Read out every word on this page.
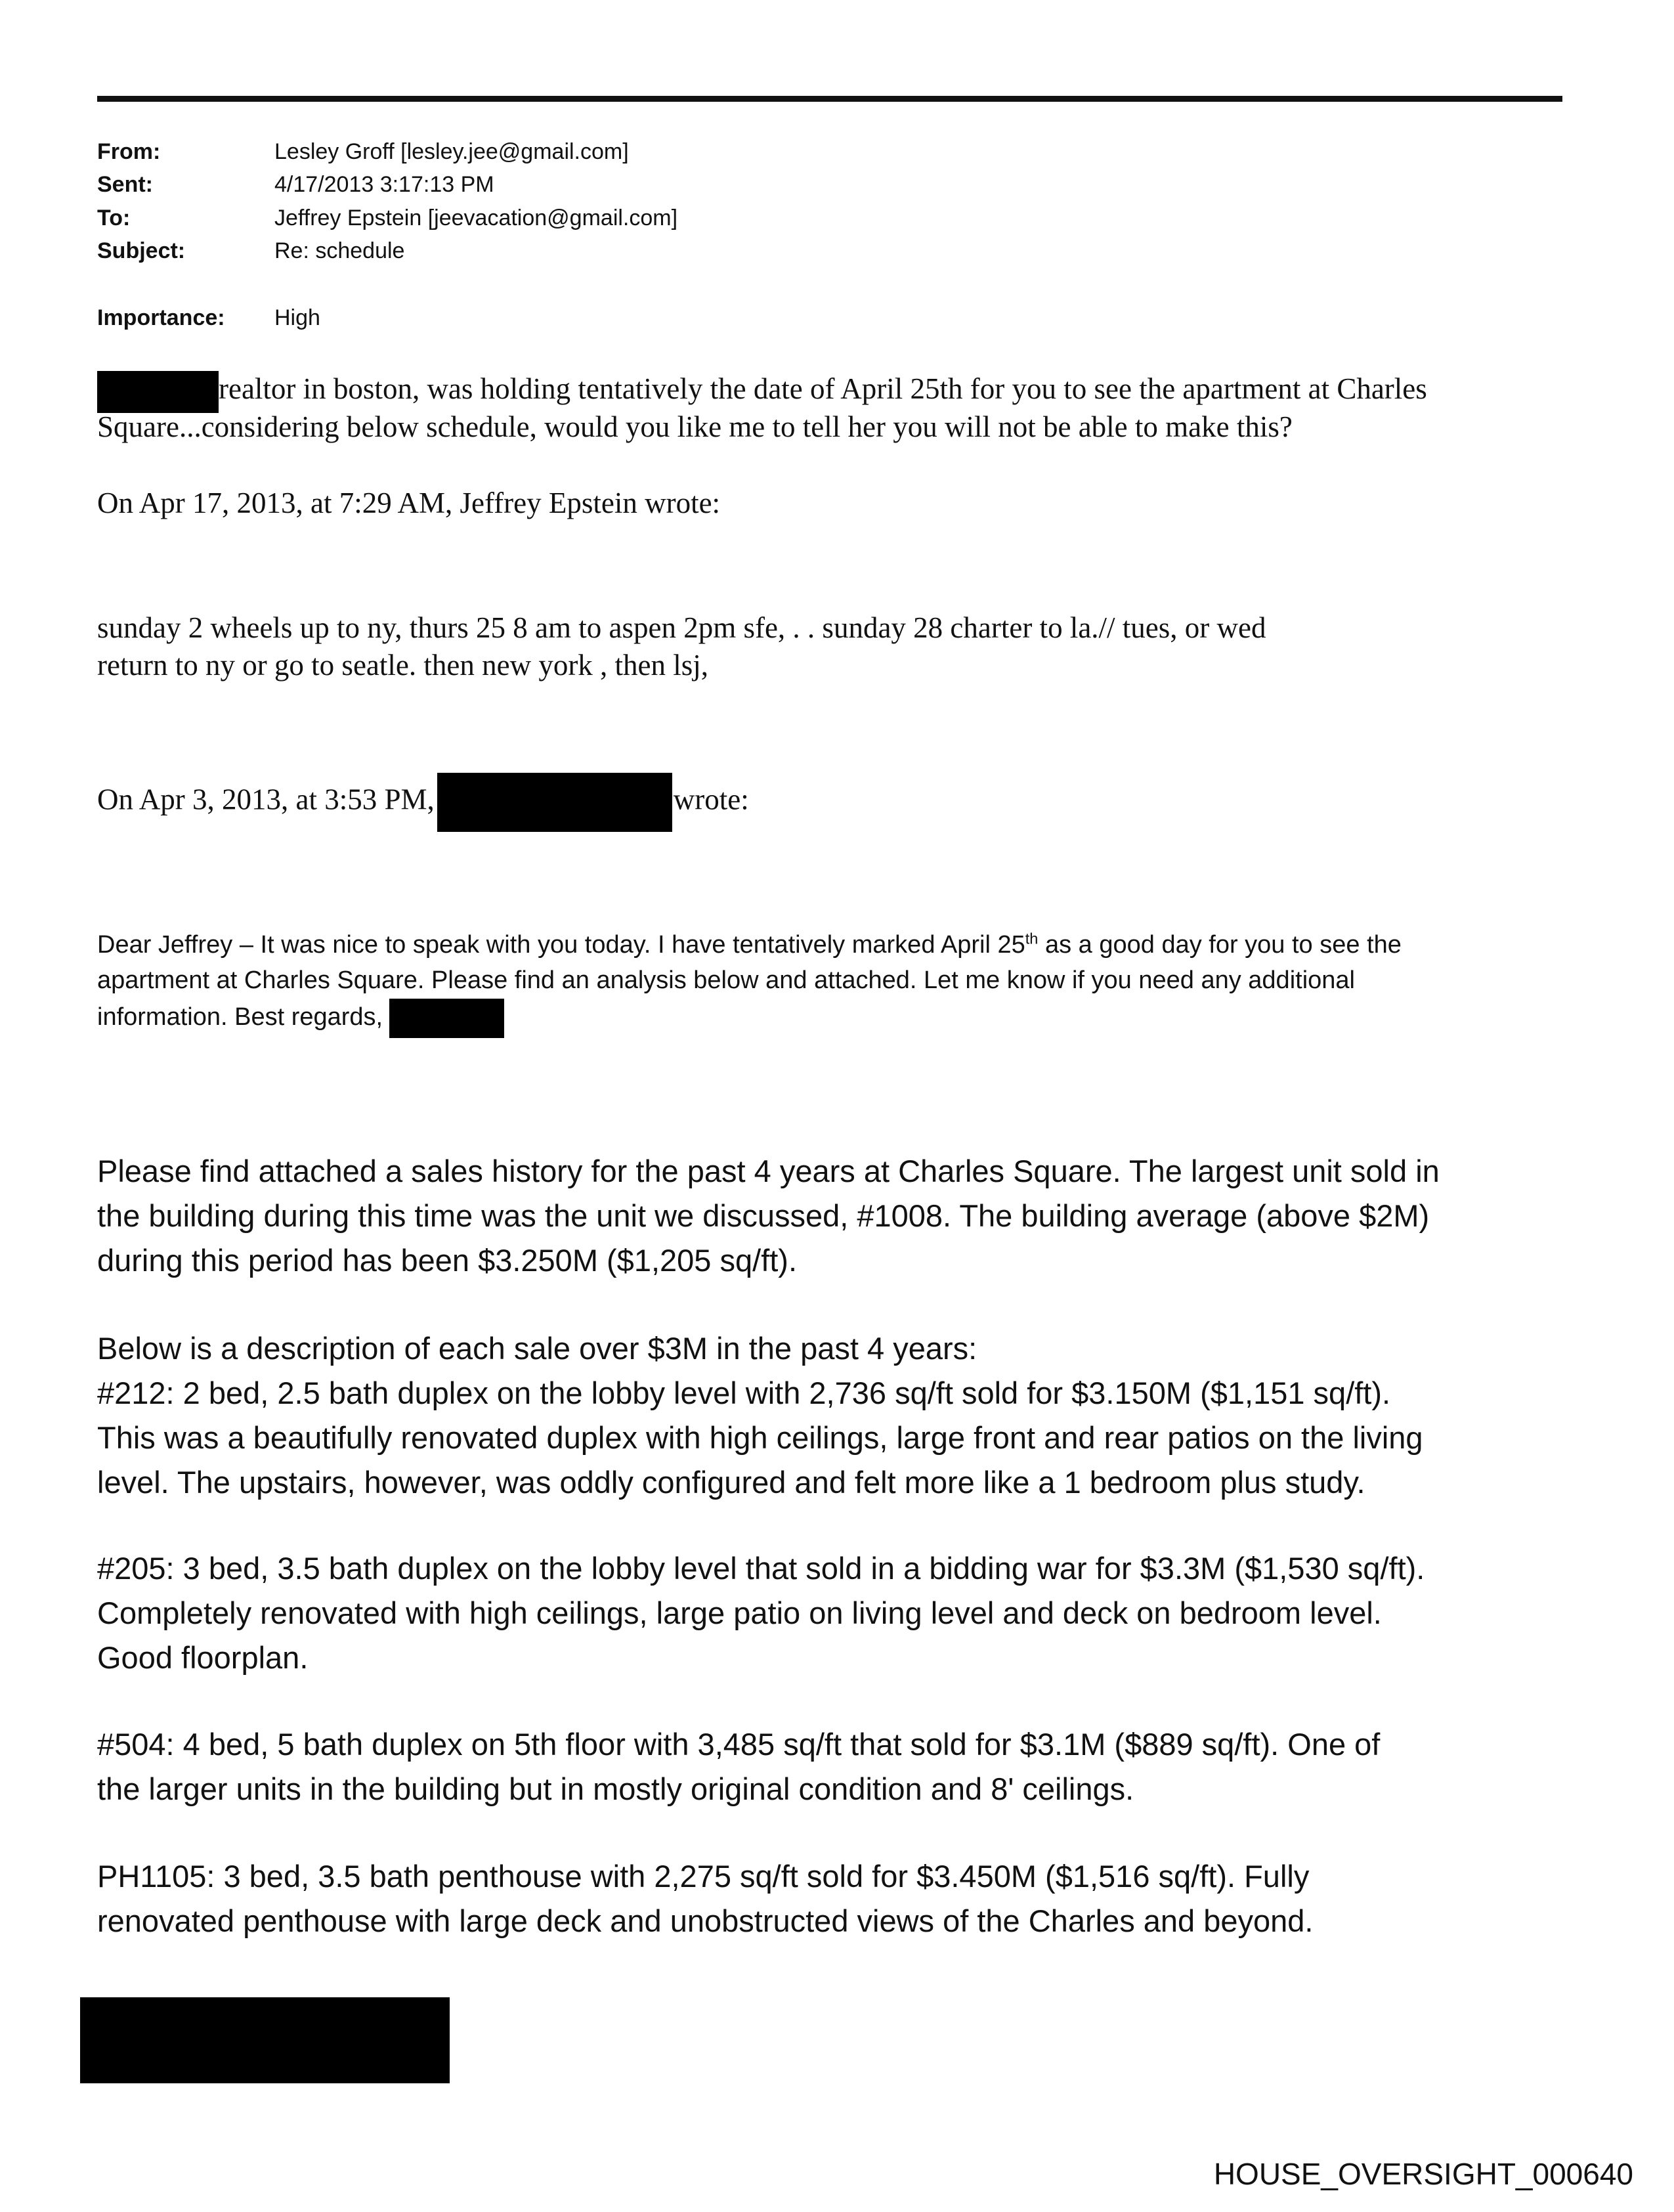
From:	Lesley Groff [lesley.jee@gmail.com]
Sent:	4/17/2013 3:17:13 PM
To:	Jeffrey Epstein [jeevacation@gmail.com]
Subject:	Re: schedule
Importance: High
realtor in boston, was holding tentatively the date of April 25th for you to see the apartment at Charles
Square...considering below schedule, would you like me to tell her you will not be able to make this?
On Apr 17, 2013, at 7:29 AM, Jeffrey Epstein wrote:
sunday 2 wheels up to ny, thurs 25 8 am to aspen 2pm sfe, . . sunday 28 charter to la.// tues, or wed
return to ny or go to seatle. then new york , then lsj,
On Apr 3, 2013, at 3:53 PM,	wrote:
Dear Jeffrey – It was nice to speak with you today. I have tentatively marked April 25th as a good day for you to see the
apartment at Charles Square. Please find an analysis below and attached. Let me know if you need any additional
information. Best regards,
Please find attached a sales history for the past 4 years at Charles Square. The largest unit sold in
the building during this time was the unit we discussed, #1008. The building average (above $2M)
during this period has been $3.250M ($1,205 sq/ft).
Below is a description of each sale over $3M in the past 4 years:
#212: 2 bed, 2.5 bath duplex on the lobby level with 2,736 sq/ft sold for $3.150M ($1,151 sq/ft).
This was a beautifully renovated duplex with high ceilings, large front and rear patios on the living
level. The upstairs, however, was oddly configured and felt more like a 1 bedroom plus study.
#205: 3 bed, 3.5 bath duplex on the lobby level that sold in a bidding war for $3.3M ($1,530 sq/ft).
Completely renovated with high ceilings, large patio on living level and deck on bedroom level.
Good floorplan.
#504: 4 bed, 5 bath duplex on 5th floor with 3,485 sq/ft that sold for $3.1M ($889 sq/ft). One of
the larger units in the building but in mostly original condition and 8' ceilings.
PH1105: 3 bed, 3.5 bath penthouse with 2,275 sq/ft sold for $3.450M ($1,516 sq/ft). Fully
renovated penthouse with large deck and unobstructed views of the Charles and beyond.
HOUSE_OVERSIGHT_000640
